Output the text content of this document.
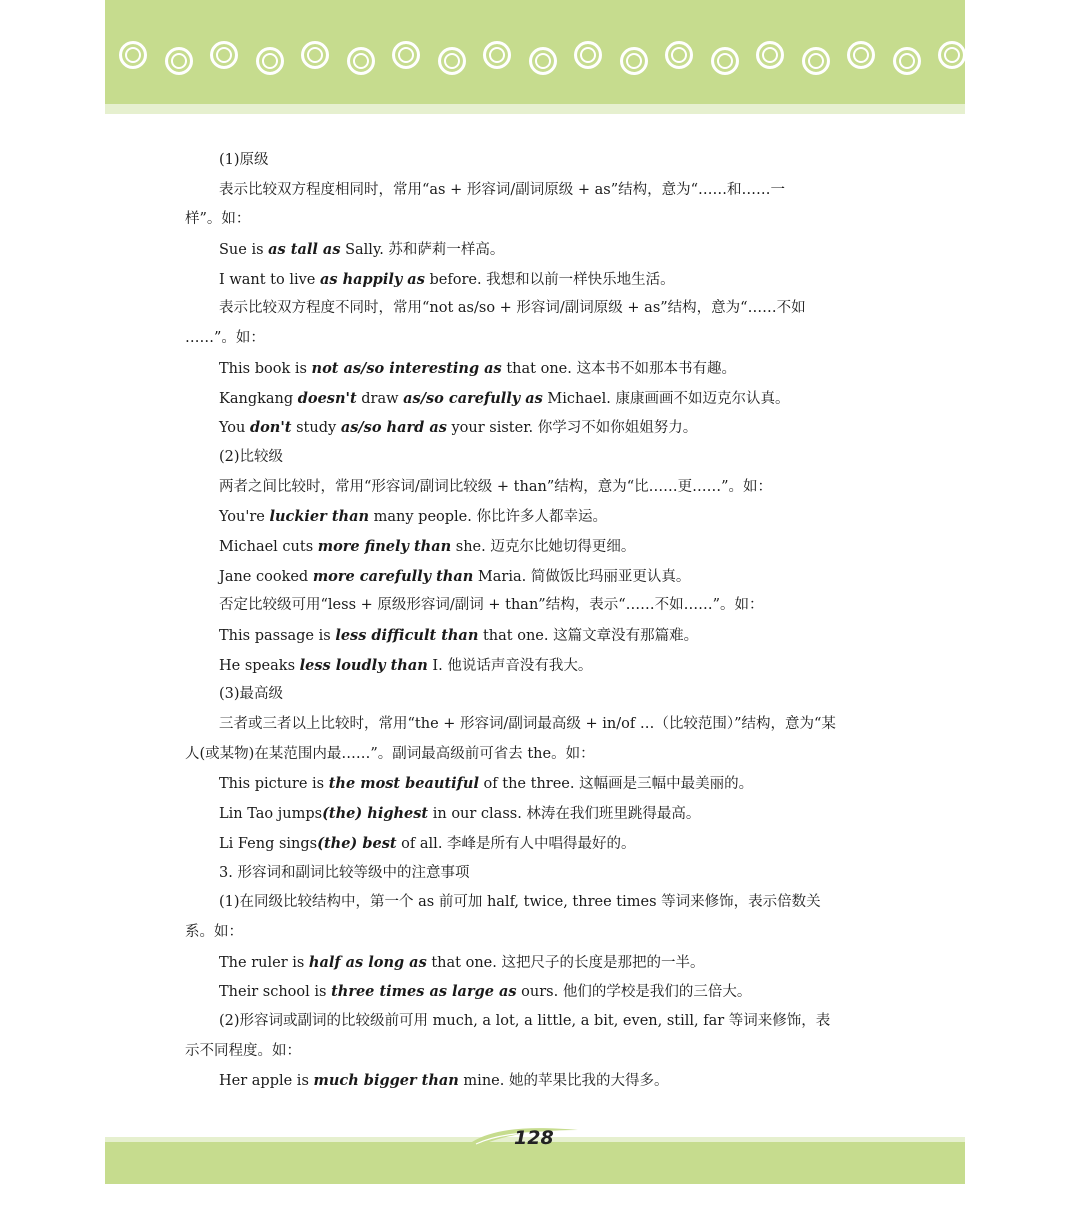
(1)原级
表示比较双方程度相同时，常用“as + 形容词/副词原级 + as”结构，意为“……和……一
样”。如：
Sue is as tall as Sally. 苏和萨莉一样高。
I want to live as happily as before. 我想和以前一样快乐地生活。
表示比较双方程度不同时，常用“not as/so + 形容词/副词原级 + as”结构，意为“……不如
……”。如：
This book is not as/so interesting as that one. 这本书不如那本书有趣。
Kangkang doesn't draw as/so carefully as Michael. 康康画画不如迈克尔认真。
You don't study as/so hard as your sister. 你学习不如你姐姐努力。
(2)比较级
两者之间比较时，常用“形容词/副词比较级 + than”结构，意为“比……更……”。如：
You're luckier than many people. 你比许多人都幸运。
Michael cuts more finely than she. 迈克尔比她切得更细。
Jane cooked more carefully than Maria. 简做饭比玛丽亚更认真。
否定比较级可用“less + 原级形容词/副词 + than”结构，表示“……不如……”。如：
This passage is less difficult than that one. 这篇文章没有那篇难。
He speaks less loudly than I. 他说话声音没有我大。
(3)最高级
三者或三者以上比较时，常用“the + 形容词/副词最高级 + in/of …（比较范围）”结构，意为“某
人(或某物)在某范围内最……”。副词最高级前可省去 the。如：
This picture is the most beautiful of the three. 这幅画是三幅中最美丽的。
Lin Tao jumps(the) highest in our class. 林涛在我们班里跳得最高。
Li Feng sings(the) best of all. 李峰是所有人中唱得最好的。
3. 形容词和副词比较等级中的注意事项
(1)在同级比较结构中，第一个 as 前可加 half, twice, three times 等词来修饰，表示倍数关
系。如：
The ruler is half as long as that one. 这把尺子的长度是那把的一半。
Their school is three times as large as ours. 他们的学校是我们的三倍大。
(2)形容词或副词的比较级前可用 much, a lot, a little, a bit, even, still, far 等词来修饰，表
示不同程度。如：
Her apple is much bigger than mine. 她的苹果比我的大得多。
128
